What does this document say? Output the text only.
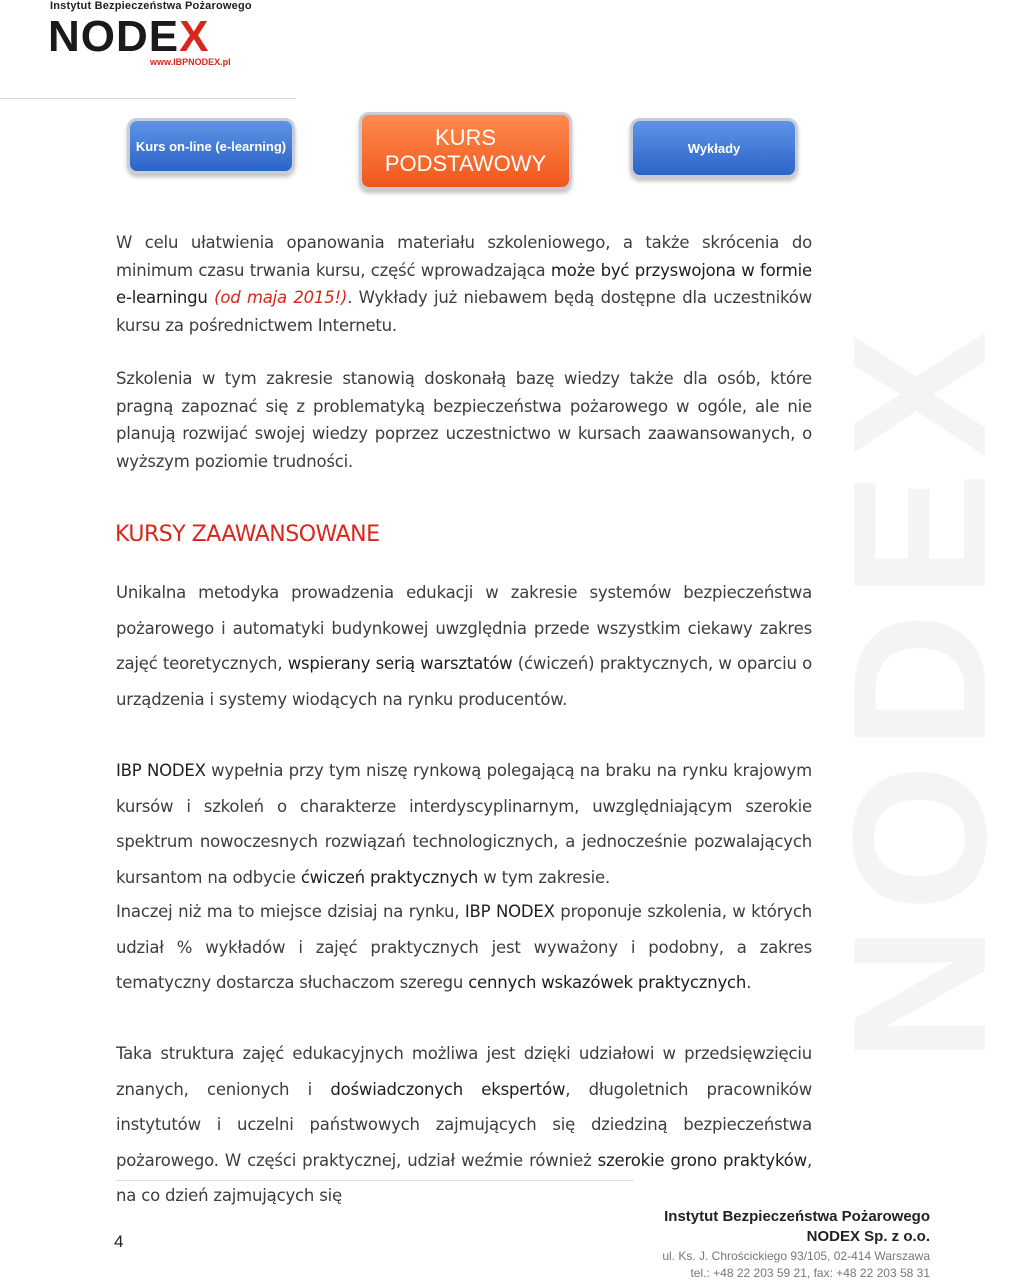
NODEX
Instytut Bezpieczeństwa Pożarowego
NODEX
www.IBPNODEX.pl
Kurs on-line (e-learning)	KURS
PODSTAWOWY
Wykłady
W celu ułatwienia opanowania materiału szkoleniowego, a także skrócenia do minimum czasu trwania kursu, część wprowadzająca może być przyswojona w formie e-learningu (od maja 2015!). Wykłady już niebawem będą dostępne dla uczestników kursu za pośrednictwem Internetu.
Szkolenia w tym zakresie stanowią doskonałą bazę wiedzy także dla osób, które pragną zapoznać się z problematyką bezpieczeństwa pożarowego w ogóle, ale nie planują rozwijać swojej wiedzy poprzez uczestnictwo w kursach zaawansowanych, o wyższym poziomie trudności.
KURSY ZAAWANSOWANE
Unikalna metodyka prowadzenia edukacji w zakresie systemów bezpieczeństwa pożarowego i automatyki budynkowej uwzględnia przede wszystkim ciekawy zakres zajęć teoretycznych, wspierany serią warsztatów (ćwiczeń) praktycznych, w oparciu o urządzenia i systemy wiodących na rynku producentów.
IBP NODEX wypełnia przy tym niszę rynkową polegającą na braku na rynku krajowym kursów i szkoleń o charakterze interdyscyplinarnym, uwzględniającym szerokie spektrum nowoczesnych rozwiązań technologicznych, a jednocześnie pozwalających kursantom na odbycie ćwiczeń praktycznych w tym zakresie.
Inaczej niż ma to miejsce dzisiaj na rynku, IBP NODEX proponuje szkolenia, w których udział % wykładów i zajęć praktycznych jest wyważony i podobny, a zakres tematyczny dostarcza słuchaczom szeregu cennych wskazówek praktycznych.
Taka struktura zajęć edukacyjnych możliwa jest dzięki udziałowi w przedsięwzięciu znanych, cenionych i doświadczonych ekspertów, długoletnich pracowników instytutów i uczelni państwowych zajmujących się dziedziną bezpieczeństwa pożarowego. W części praktycznej, udział weźmie również szerokie grono praktyków, na co dzień zajmujących się
4
Instytut Bezpieczeństwa Pożarowego
NODEX Sp. z o.o.
ul. Ks. J. Chrościckiego 93/105, 02-414 Warszawa
tel.: +48 22 203 59 21, fax: +48 22 203 58 31
